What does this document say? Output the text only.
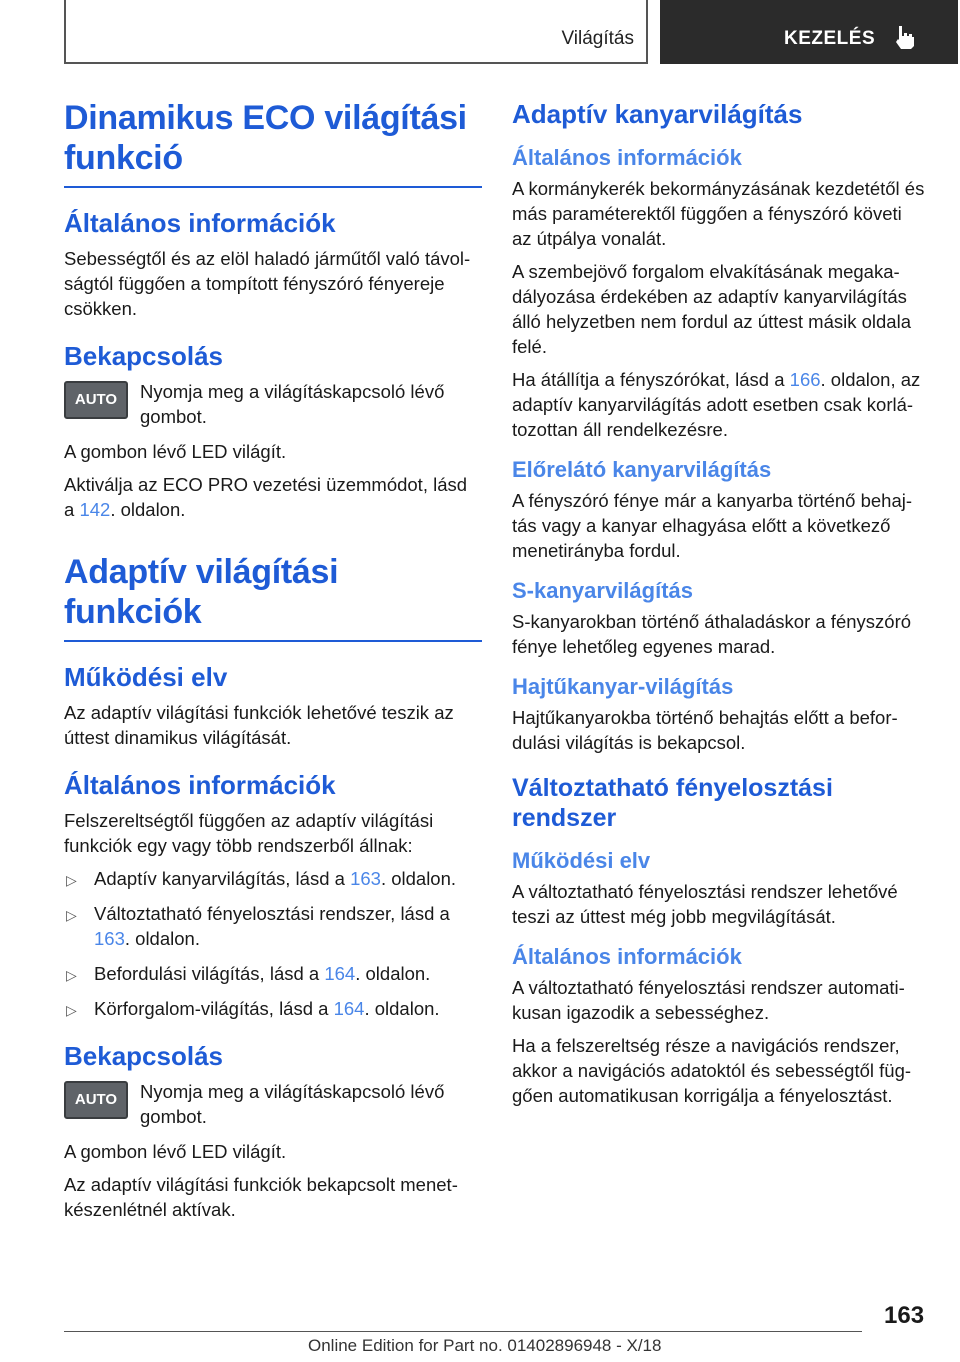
Világítás	KEZELÉS
Dinamikus ECO világítási funkció
Általános információk

Sebességtől és az elöl haladó járműtől való távolságtól függően a tompított fényszóró fényereje csökken.

Bekapcsolás
AUTO	Nyomja meg a világításkapcsoló lévő gombot.

A gombon lévő LED világít.

Aktiválja az ECO PRO vezetési üzemmódot, lásd a 142. oldalon.

Adaptív világítási funkciók
Működési elv

Az adaptív világítási funkciók lehetővé teszik az úttest dinamikus világítását.

Általános információk

Felszereltségtől függően az adaptív világítási funkciók egy vagy több rendszerből állnak:

▷ Adaptív kanyarvilágítás, lásd a 163. oldalon.
▷ Változtatható fényelosztási rendszer, lásd a 163. oldalon.
▷ Befordulási világítás, lásd a 164. oldalon.
▷ Körforgalom-világítás, lásd a 164. oldalon.
Bekapcsolás
AUTO	Nyomja meg a világításkapcsoló lévő gombot.

A gombon lévő LED világít.

Az adaptív világítási funkciók bekapcsolt menetkészenlétnél aktívak.

Adaptív kanyarvilágítás
Általános információk

A kormánykerék bekormányzásának kezdetétől és más paraméterektől függően a fényszóró követi az útpálya vonalát.

A szembejövő forgalom elvakításának megakadályozása érdekében az adaptív kanyarvilágítás álló helyzetben nem fordul az úttest másik oldala felé.

Ha átállítja a fényszórókat, lásd a 166. oldalon, az adaptív kanyarvilágítás adott esetben csak korlátozottan áll rendelkezésre.

Előrelátó kanyarvilágítás

A fényszóró fénye már a kanyarba történő behajtás vagy a kanyar elhagyása előtt a következő menetirányba fordul.

S-kanyarvilágítás

S-kanyarokban történő áthaladáskor a fényszóró fénye lehetőleg egyenes marad.

Hajtűkanyar-világítás

Hajtűkanyarokba történő behajtás előtt a befordulási világítás is bekapcsol.

Változtatható fényelosztási rendszer
Működési elv

A változtatható fényelosztási rendszer lehetővé teszi az úttest még jobb megvilágítását.

Általános információk

A változtatható fényelosztási rendszer automatikusan igazodik a sebességhez.

Ha a felszereltség része a navigációs rendszer, akkor a navigációs adatoktól és sebességtől függően automatikusan korrigálja a fényelosztást.

163
Online Edition for Part no. 01402896948 - X/18
